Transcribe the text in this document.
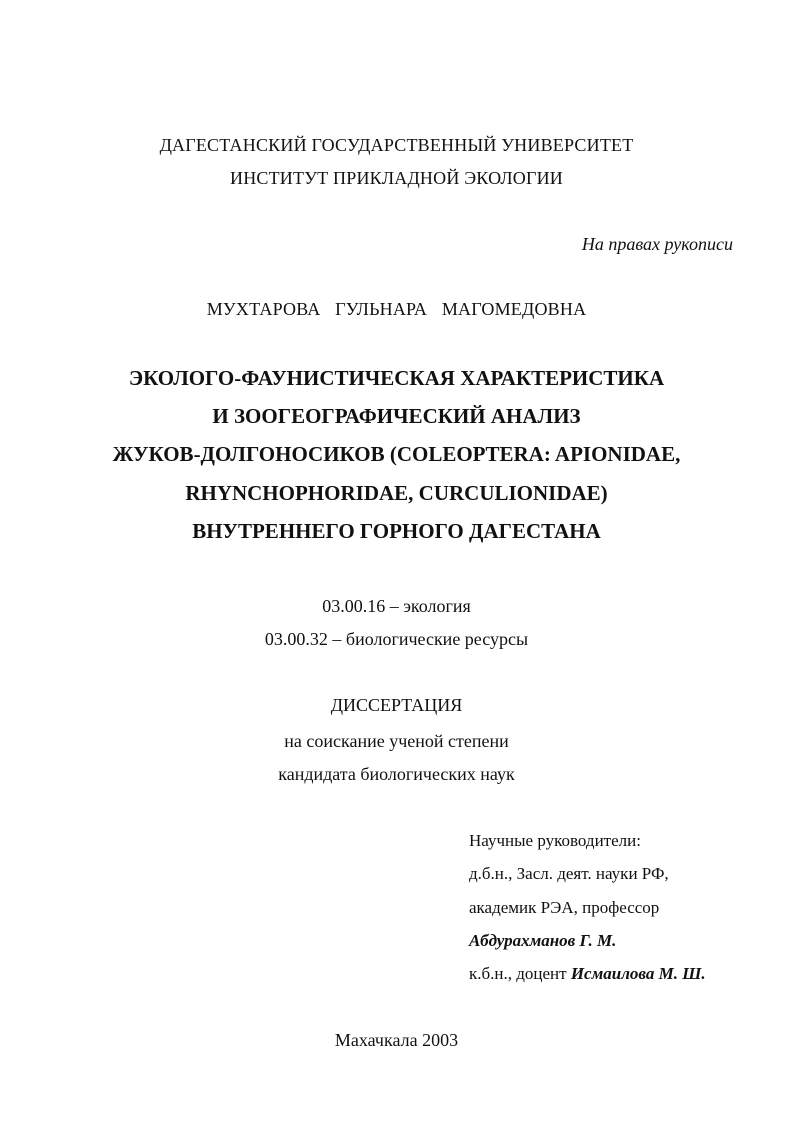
ДАГЕСТАНСКИЙ ГОСУДАРСТВЕННЫЙ УНИВЕРСИТЕТ
ИНСТИТУТ ПРИКЛАДНОЙ ЭКОЛОГИИ
На правах рукописи
МУХТАРОВА ГУЛЬНАРА МАГОМЕДОВНА
ЭКОЛОГО-ФАУНИСТИЧЕСКАЯ ХАРАКТЕРИСТИКА
И ЗООГЕОГРАФИЧЕСКИЙ АНАЛИЗ
ЖУКОВ-ДОЛГОНОСИКОВ (COLEOPTERA: APIONIDAE,
RHYNCHOPHORIDAE, CURCULIONIDAE)
ВНУТРЕННЕГО ГОРНОГО ДАГЕСТАНА
03.00.16 – экология
03.00.32 – биологические ресурсы
ДИССЕРТАЦИЯ
на соискание ученой степени
кандидата биологических наук
Научные руководители:
д.б.н., Засл. деят. науки РФ,
академик РЭА, профессор
Абдурахманов Г. М.
к.б.н., доцент Исмаилова М. Ш.
Махачкала 2003
